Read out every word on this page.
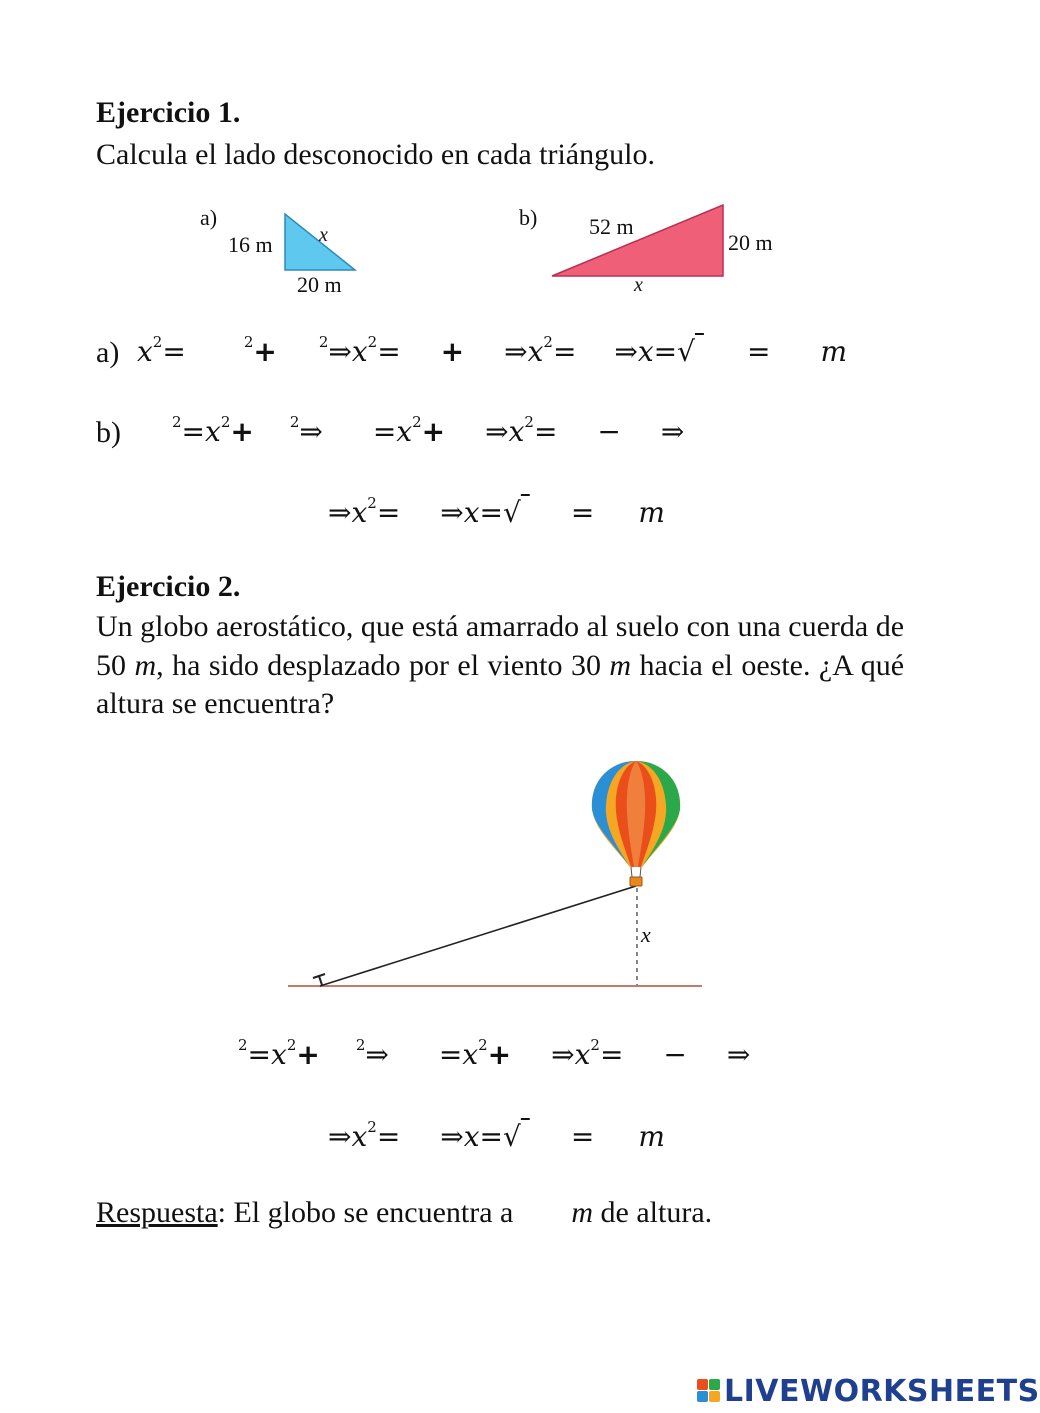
Ejercicio 1.
Calcula el lado desconocido en cada triángulo.
a)
16 m x
20 m
b) 52 m
20 m
x
a) $x^2=$	$^2$+	$^2\Rightarrow x^2=$ + $\Rightarrow x^2=$ ⇒x=√ = m
b)	$^2=x^2+$ $^2$⇒ $=x^2+$ $\Rightarrow x^2=$ − ⇒
$\Rightarrow x^2=$ ⇒x=√ = m
Ejercicio 2.
Un globo aerostático, que está amarrado al suelo con una cuerda de 50 m, ha sido desplazado por el viento 30 m hacia el oeste. ¿A qué altura se encuentra?
x
$^2=x^2+$ $^2$⇒ $=x^2+$ $\Rightarrow x^2=$ − ⇒
$\Rightarrow x^2=$ ⇒x=√ = m
Respuesta: El globo se encuentra a m de altura.
LIVEWORKSHEETS
